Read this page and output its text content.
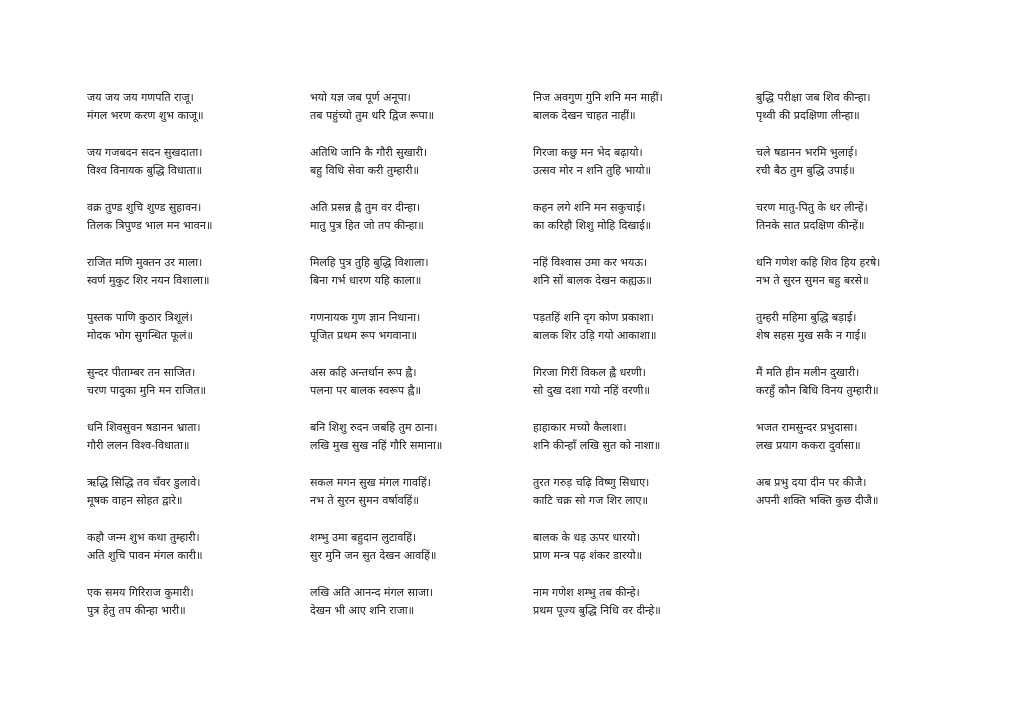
जय जय जय गणपति राजू।
मंगल भरण करण शुभ काजू॥
जय गजबदन सदन सुखदाता।
विश्व विनायक बुद्धि विधाता॥
वक्र तुण्ड शुचि शुण्ड सुहावन।
तिलक त्रिपुण्ड भाल मन भावन॥
राजित मणि मुक्तन उर माला।
स्वर्ण मुकुट शिर नयन विशाला॥
पुस्तक पाणि कुठार त्रिशूलं।
मोदक भोग सुगन्धित फूलं॥
सुन्दर पीताम्बर तन साजित।
चरण पादुका मुनि मन राजित॥
धनि शिवसुवन षडानन भ्राता।
गौरी ललन विश्व-विधाता॥
ऋद्धि सिद्धि तव चँवर डुलावे।
मूषक वाहन सोहत द्वारे॥
कहौ जन्म शुभ कथा तुम्हारी।
अति शुचि पावन मंगल कारी॥
एक समय गिरिराज कुमारी।
पुत्र हेतु तप कीन्हा भारी॥
भयो यज्ञ जब पूर्ण अनूपा।
तब पहुंच्यो तुम धरि द्विज रूपा॥
अतिथि जानि कै गौरी सुखारी।
बहु विधि सेवा करी तुम्हारी॥
अति प्रसन्न ह्वै तुम वर दीन्हा।
मातु पुत्र हित जो तप कीन्हा॥
मिलहि पुत्र तुहि बुद्धि विशाला।
बिना गर्भ धारण यहि काला॥
गणनायक गुण ज्ञान निधाना।
पूजित प्रथम रूप भगवाना॥
अस कहि अन्तर्धान रूप ह्वै।
पलना पर बालक स्वरूप ह्वै॥
बनि शिशु रुदन जबहि तुम ठाना।
लखि मुख सुख नहिं गौरि समाना॥
सकल मगन सुख मंगल गावहिं।
नभ ते सुरन सुमन वर्षावहिं॥
शम्भु उमा बहुदान लुटावहिं।
सुर मुनि जन सुत देखन आवहिं॥
लखि अति आनन्द मंगल साजा।
देखन भी आए शनि राजा॥
निज अवगुण गुनि शनि मन माहीं।
बालक देखन चाहत नाहीं॥
गिरजा कछु मन भेद बढ़ायो।
उत्सव मोर न शनि तुहि भायो॥
कहन लगे शनि मन सकुचाई।
का करिहौ शिशु मोहि दिखाई॥
नहिं विश्वास उमा कर भयऊ।
शनि सों बालक देखन कह्यऊ॥
पड़तहिं शनि दृग कोण प्रकाशा।
बालक शिर उड़ि गयो आकाशा॥
गिरजा गिरीं विकल ह्वै धरणी।
सो दुख दशा गयो नहिं वरणी॥
हाहाकार मच्यो कैलाशा।
शनि कीन्हॉं लखि सुत को नाशा॥
तुरत गरुड़ चढ़ि विष्णु सिधाए।
काटि चक्र सो गज शिर लाए॥
बालक के धड़ ऊपर धारयो।
प्राण मन्त्र पढ़ शंकर डारयो॥
नाम गणेश शम्भु तब कीन्हे।
प्रथम पूज्य बुद्धि निधि वर दीन्हे॥
बुद्धि परीक्षा जब शिव कीन्हा।
पृथ्वी की प्रदक्षिणा लीन्हा॥
चले षडानन भरमि भुलाई।
रची बैठ तुम बुद्धि उपाई॥
चरण मातु-पितु के धर लीन्हें।
तिनके सात प्रदक्षिण कीन्हें॥
धनि गणेश कहि शिव हिय हरषे।
नभ ते सुरन सुमन बहु बरसे॥
तुम्हरी महिमा बुद्धि बड़ाई।
शेष सहस मुख सकै न गाई॥
मैं मति हीन मलीन दुखारी।
करहुँ कौन बिधि विनय तुम्हारी॥
भजत रामसुन्दर प्रभुदासा।
लख प्रयाग ककरा दुर्वासा॥
अब प्रभु दया दीन पर कीजै।
अपनी शक्ति भक्ति कुछ दीजै॥
